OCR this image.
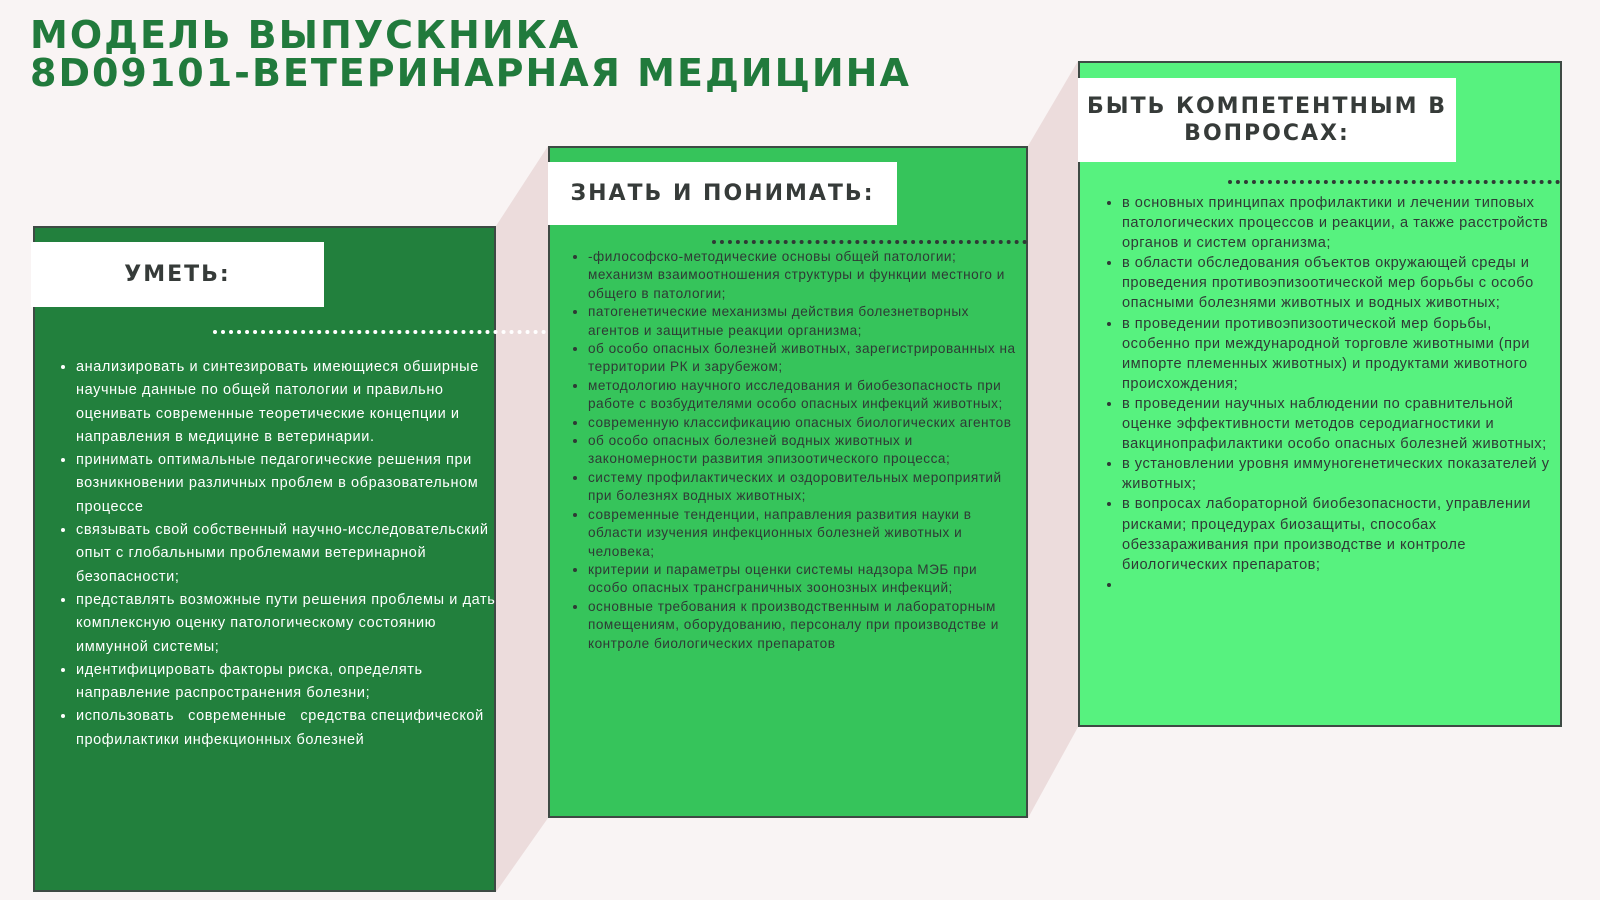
МОДЕЛЬ ВЫПУСКНИКА
8D09101-ВЕТЕРИНАРНАЯ МЕДИЦИНА
УМЕТЬ:
• анализировать и синтезировать имеющиеся обширные научные данные по общей патологии и правильно оценивать современные теоретические концепции и направления в медицине в ветеринарии.
• принимать оптимальные педагогические решения при возникновении различных проблем в образовательном процессе
• связывать свой собственный научно-исследовательский опыт с глобальными проблемами ветеринарной безопасности;
• представлять возможные пути решения проблемы и дать комплексную оценку патологическому состоянию иммунной системы;
• идентифицировать факторы риска, определять направление распространения болезни;
• использовать   современные   средства специфической профилактики инфекционных болезней
ЗНАТЬ И ПОНИМАТЬ:
• -философско-методические основы общей патологии; механизм взаимоотношения структуры и функции местного и общего в патологии;
• патогенетические механизмы действия болезнетворных агентов и защитные реакции организма;
• об особо опасных болезней животных, зарегистрированных на территории РК и зарубежом;
• методологию научного исследования и биобезопасность при работе с возбудителями особо опасных инфекций животных;
• современную классификацию опасных биологических агентов
• об особо опасных болезней водных животных и закономерности развития эпизоотического процесса;
• систему профилактических и оздоровительных мероприятий при болезнях водных животных;
• современные тенденции, направления развития науки в области изучения инфекционных болезней животных и человека;
• критерии и параметры оценки системы надзора МЭБ при особо опасных трансграничных зоонозных инфекций;
• основные требования к производственным и лабораторным помещениям, оборудованию, персоналу при производстве и контроле биологических препаратов
БЫТЬ КОМПЕТЕНТНЫМ В ВОПРОСАХ:
• в основных принципах профилактики и лечении типовых патологических процессов и реакции, а также расстройств органов и систем организма;
• в области обследования объектов окружающей среды и проведения противоэпизоотической мер борьбы с особо опасными болезнями животных и водных животных;
• в проведении противоэпизоотической мер борьбы, особенно при международной торговле животными (при импорте племенных животных) и продуктами животного происхождения;
• в проведении научных наблюдении по сравнительной оценке эффективности методов серодиагностики и вакцинопрафилактики особо опасных болезней животных;
• в установлении уровня иммуногенетических показателей у животных;
• в вопросах лабораторной биобезопасности, управлении рисками; процедурах биозащиты, способах обеззараживания при производстве и контроле биологических препаратов;
•
